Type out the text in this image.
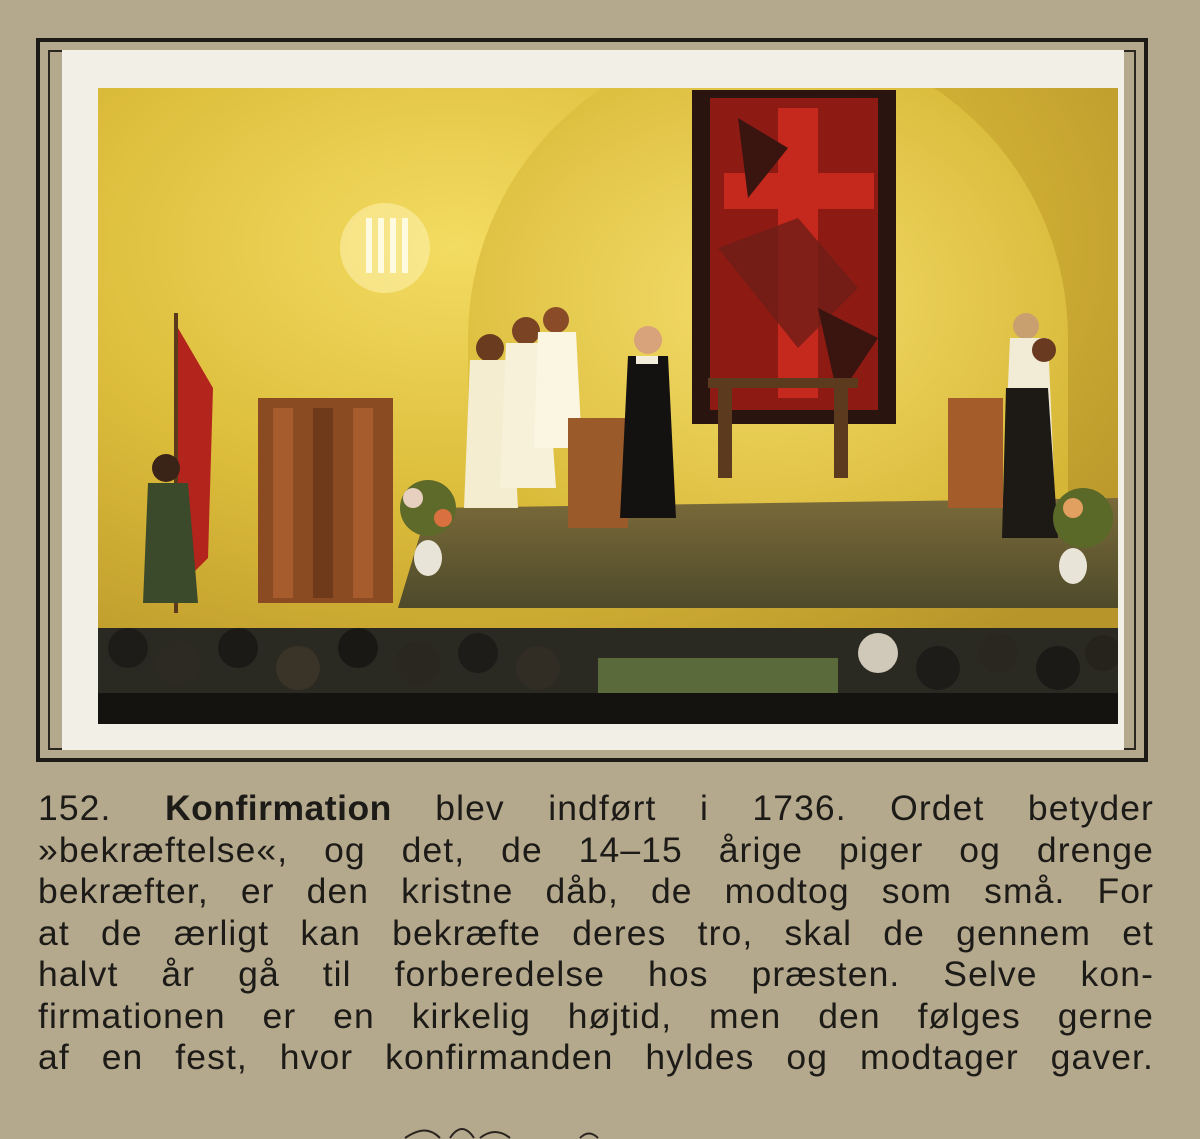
152. Konfirmation blev indført i 1736. Ordet betyder
»bekræftelse«, og det, de 14–15 årige piger og drenge
bekræfter, er den kristne dåb, de modtog som små. For
at de ærligt kan bekræfte deres tro, skal de gennem et
halvt år gå til forberedelse hos præsten. Selve kon-
firmationen er en kirkelig højtid, men den følges gerne
af en fest, hvor konfirmanden hyldes og modtager gaver.
